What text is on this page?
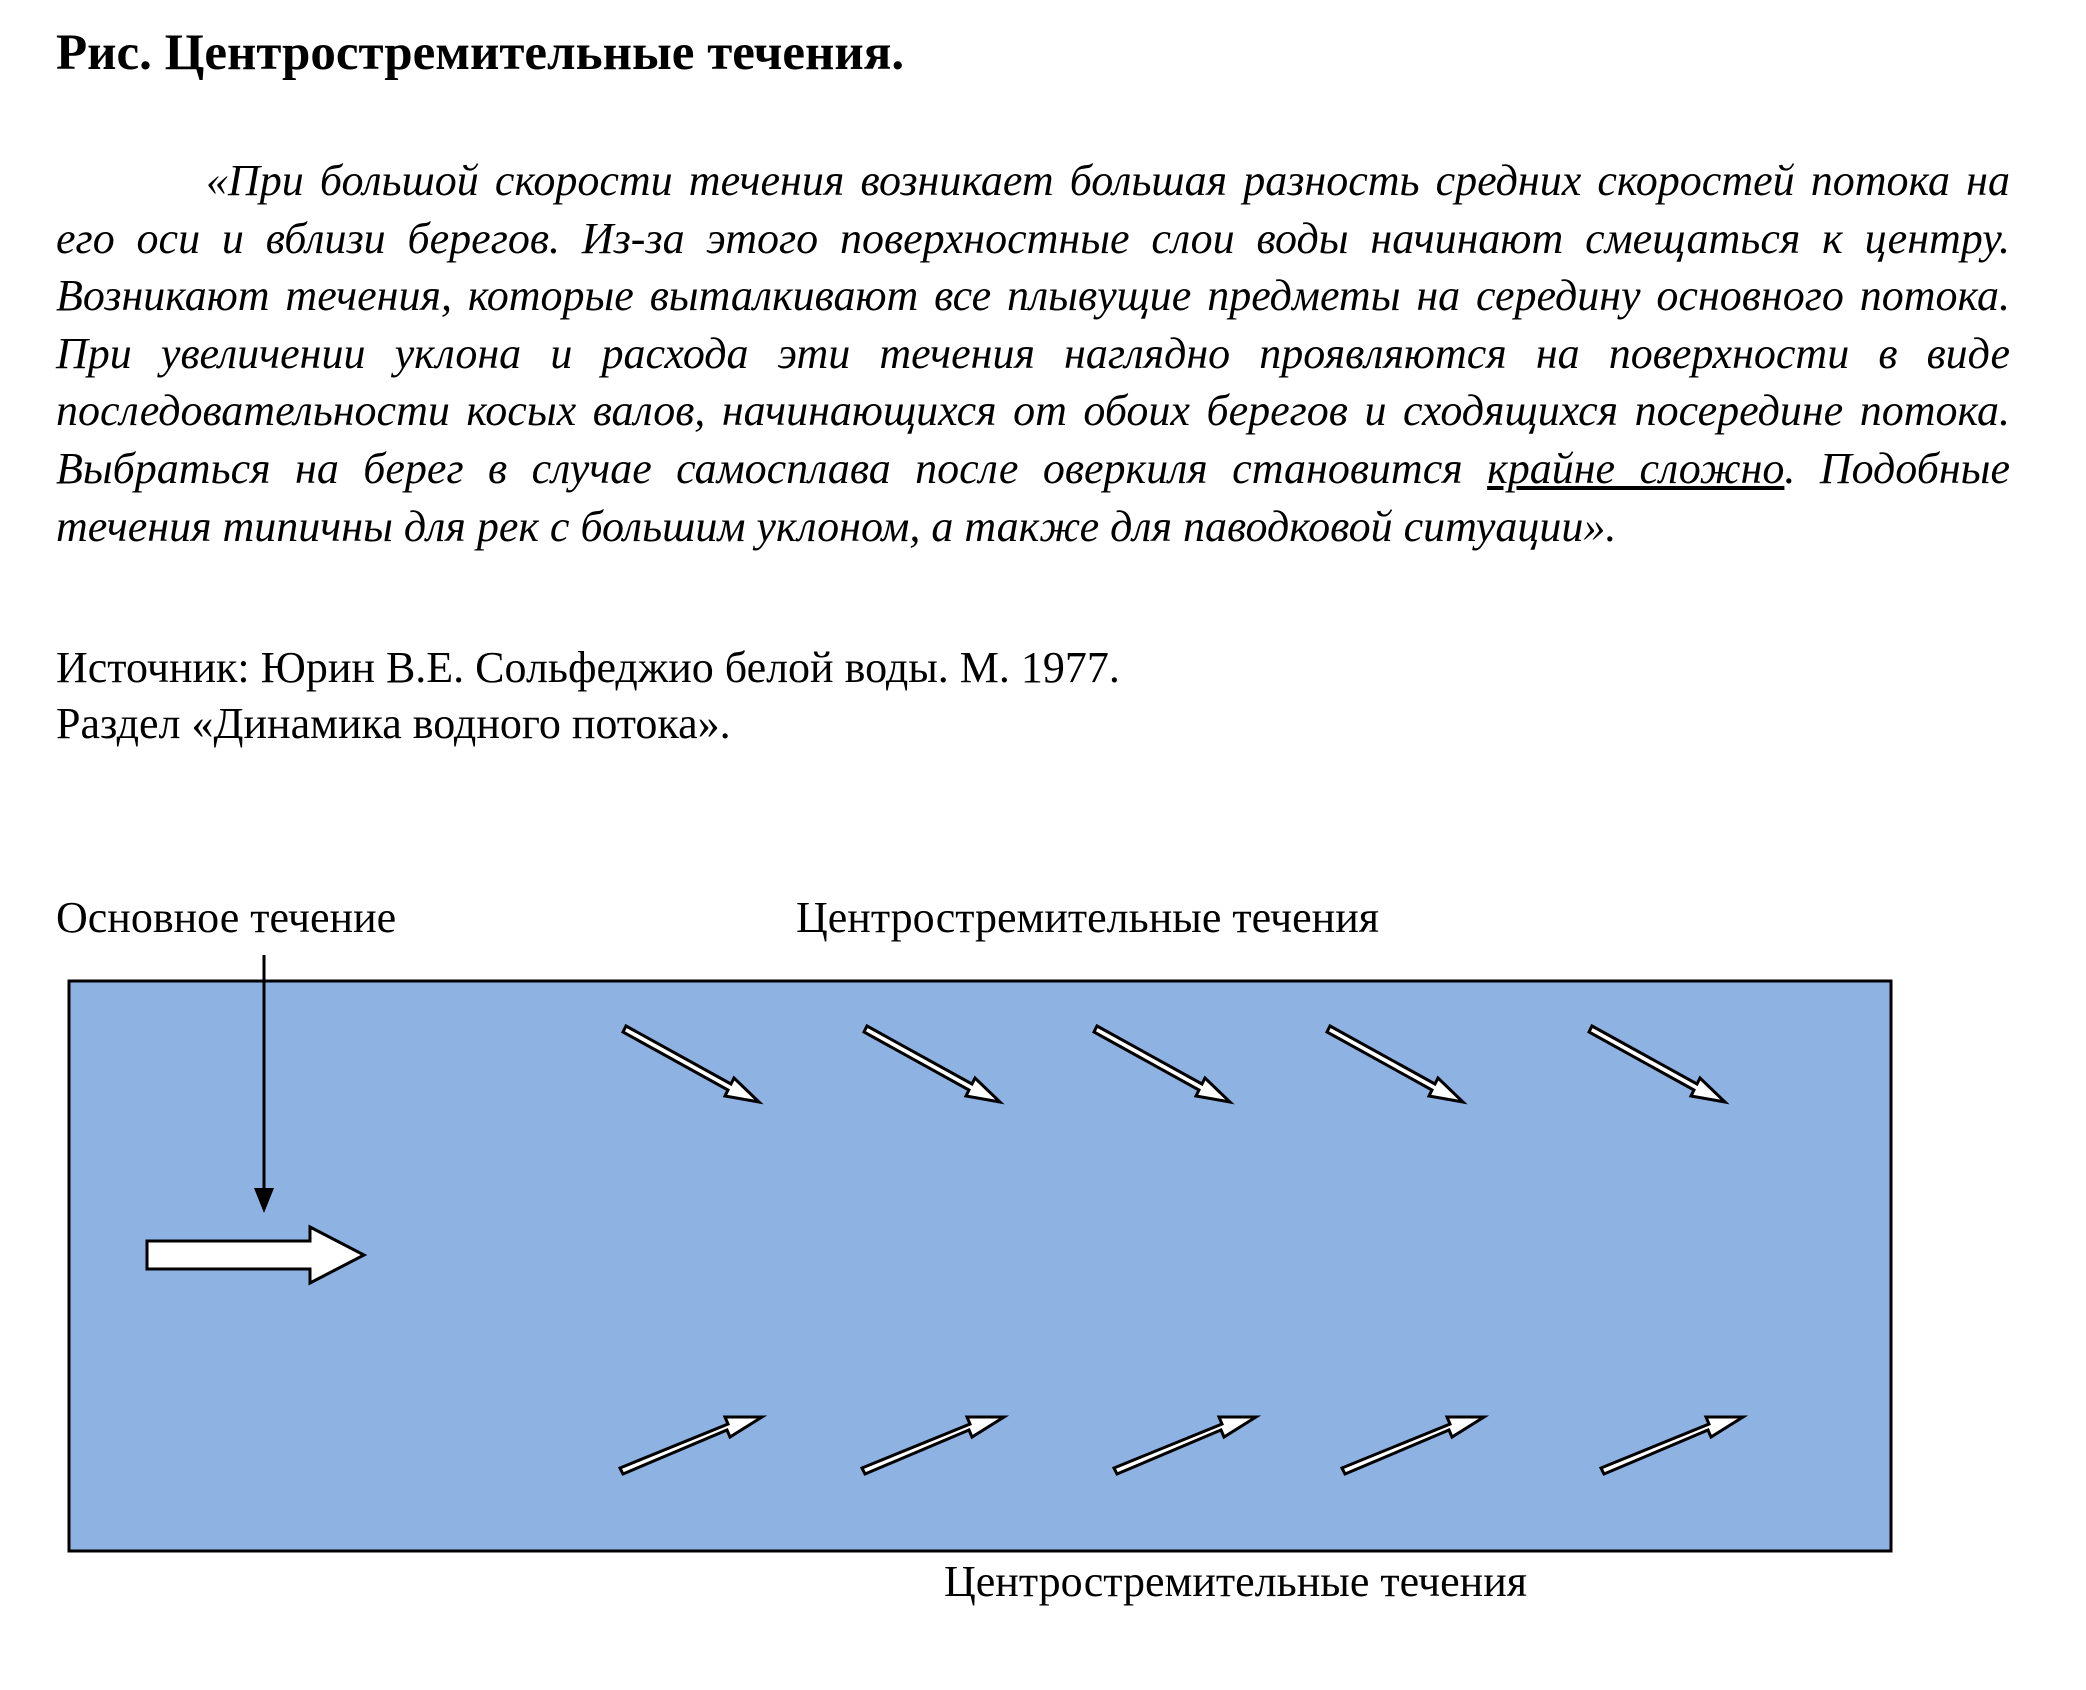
Рис. Центростремительные течения.
«При большой скорости течения возникает большая разность средних скоростей потока на его оси и вблизи берегов. Из-за этого поверхностные слои воды начинают смещаться к центру. Возникают течения, которые выталкивают все плывущие предметы на середину основного потока. При увеличении уклона и расхода эти течения наглядно проявляются на поверхности в виде последовательности косых валов, начинающихся от обоих берегов и сходящихся посередине потока. Выбраться на берег в случае самосплава после оверкиля становится крайне сложно. Подобные течения типичны для рек с большим уклоном, а также для паводковой ситуации».
Источник: Юрин В.Е. Сольфеджио белой воды. М. 1977.
Раздел «Динамика водного потока».
Основное течение	Центростремительные течения
Центростремительные течения
